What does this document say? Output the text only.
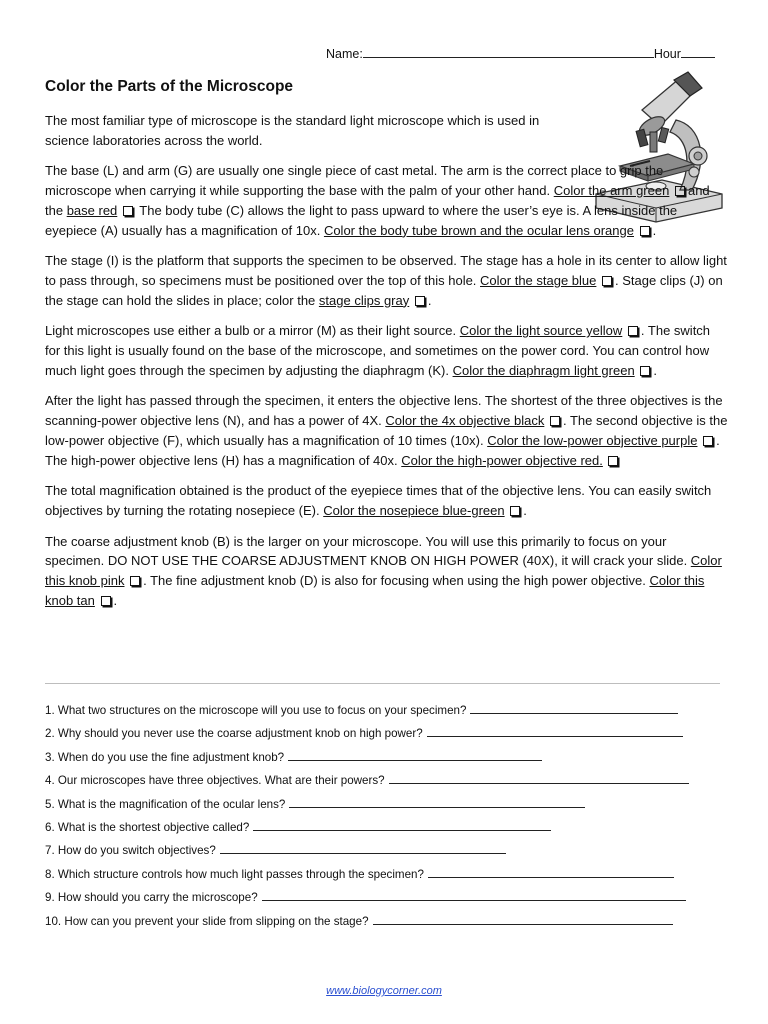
Name:	Hour
Color the Parts of the Microscope

The most familiar type of microscope is the standard light microscope which is used in science laboratories across the world.

The base (L) and arm (G) are usually one single piece of cast metal. The arm is the correct place to grip the microscope when carrying it while supporting the base with the palm of your other hand. Color the arm green and the base red  The body tube (C) allows the light to pass upward to where the user’s eye is. A lens inside the eyepiece (A) usually has a magnification of 10x. Color the body tube brown and the ocular lens orange .

The stage (I) is the platform that supports the specimen to be observed. The stage has a hole in its center to allow light to pass through, so specimens must be positioned over the top of this hole. Color the stage blue . Stage clips (J) on the stage can hold the slides in place; color the stage clips gray .

Light microscopes use either a bulb or a mirror (M) as their light source. Color the light source yellow . The switch for this light is usually found on the base of the microscope, and sometimes on the power cord. You can control how much light goes through the specimen by adjusting the diaphragm (K). Color the diaphragm light green .

After the light has passed through the specimen, it enters the objective lens. The shortest of the three objectives is the scanning-power objective lens (N), and has a power of 4X. Color the 4x objective black . The second objective is the low-power objective (F), which usually has a magnification of 10 times (10x). Color the low-power objective purple . The high-power objective lens (H) has a magnification of 40x. Color the high-power objective red.

The total magnification obtained is the product of the eyepiece times that of the objective lens. You can easily switch objectives by turning the rotating nosepiece (E). Color the nosepiece blue-green .

The coarse adjustment knob (B) is the larger on your microscope. You will use this primarily to focus on your specimen. DO NOT USE THE COARSE ADJUSTMENT KNOB ON HIGH POWER (40X), it will crack your slide. Color this knob pink . The fine adjustment knob (D) is also for focusing when using the high power objective. Color this knob tan .

1. What two structures on the microscope will you use to focus on your specimen?
2. Why should you never use the coarse adjustment knob on high power?
3. When do you use the fine adjustment knob?
4. Our microscopes have three objectives. What are their powers?
5. What is the magnification of the ocular lens?
6. What is the shortest objective called?
7. How do you switch objectives?
8. Which structure controls how much light passes through the specimen?
9. How should you carry the microscope?
10. How can you prevent your slide from slipping on the stage?
www.biologycorner.com
